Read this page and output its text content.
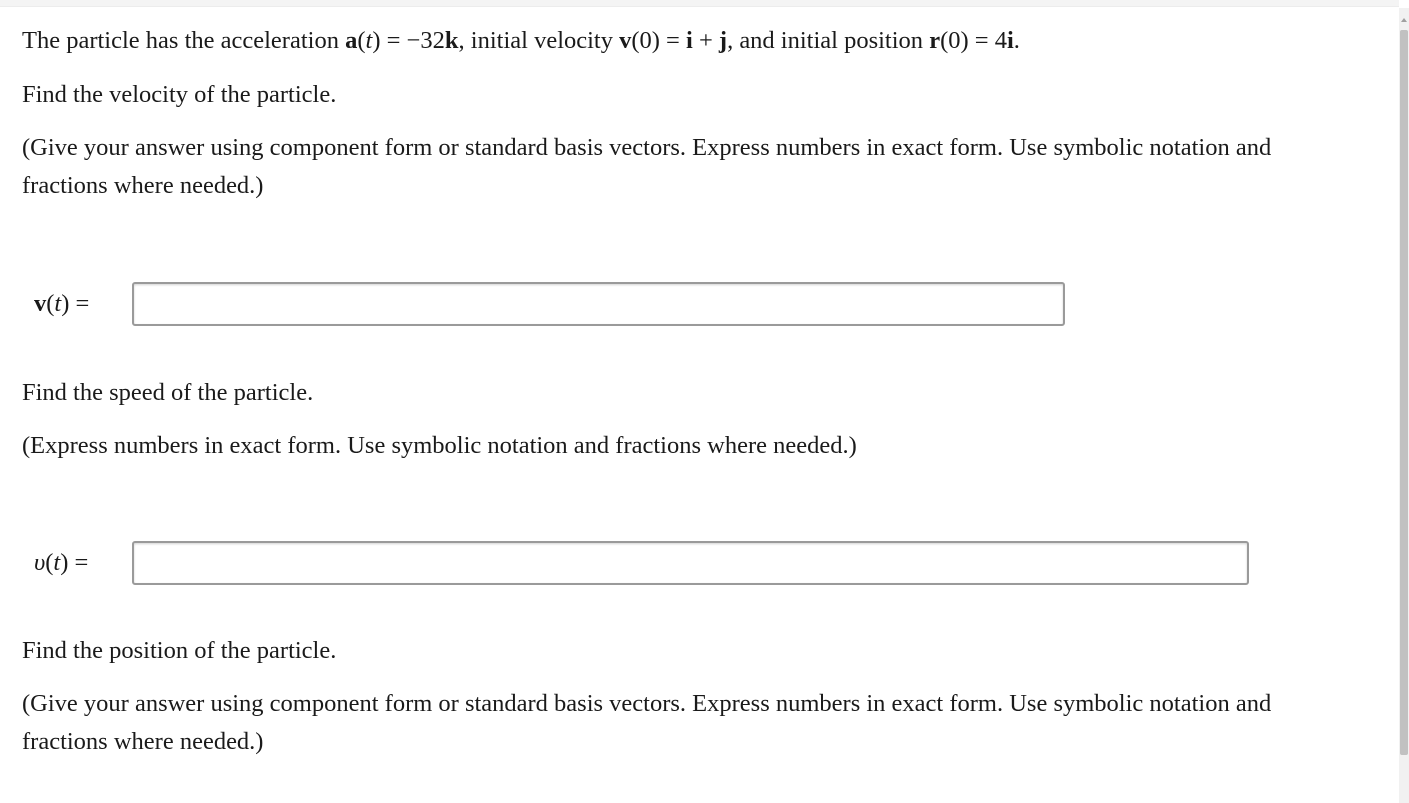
The particle has the acceleration a(t) = −32k, initial velocity v(0) = i + j, and initial position r(0) = 4i.

Find the velocity of the particle.

(Give your answer using component form or standard basis vectors. Express numbers in exact form. Use symbolic notation and fractions where needed.)

v(t) =

Find the speed of the particle.

(Express numbers in exact form. Use symbolic notation and fractions where needed.)

υ(t) =

Find the position of the particle.

(Give your answer using component form or standard basis vectors. Express numbers in exact form. Use symbolic notation and fractions where needed.)
